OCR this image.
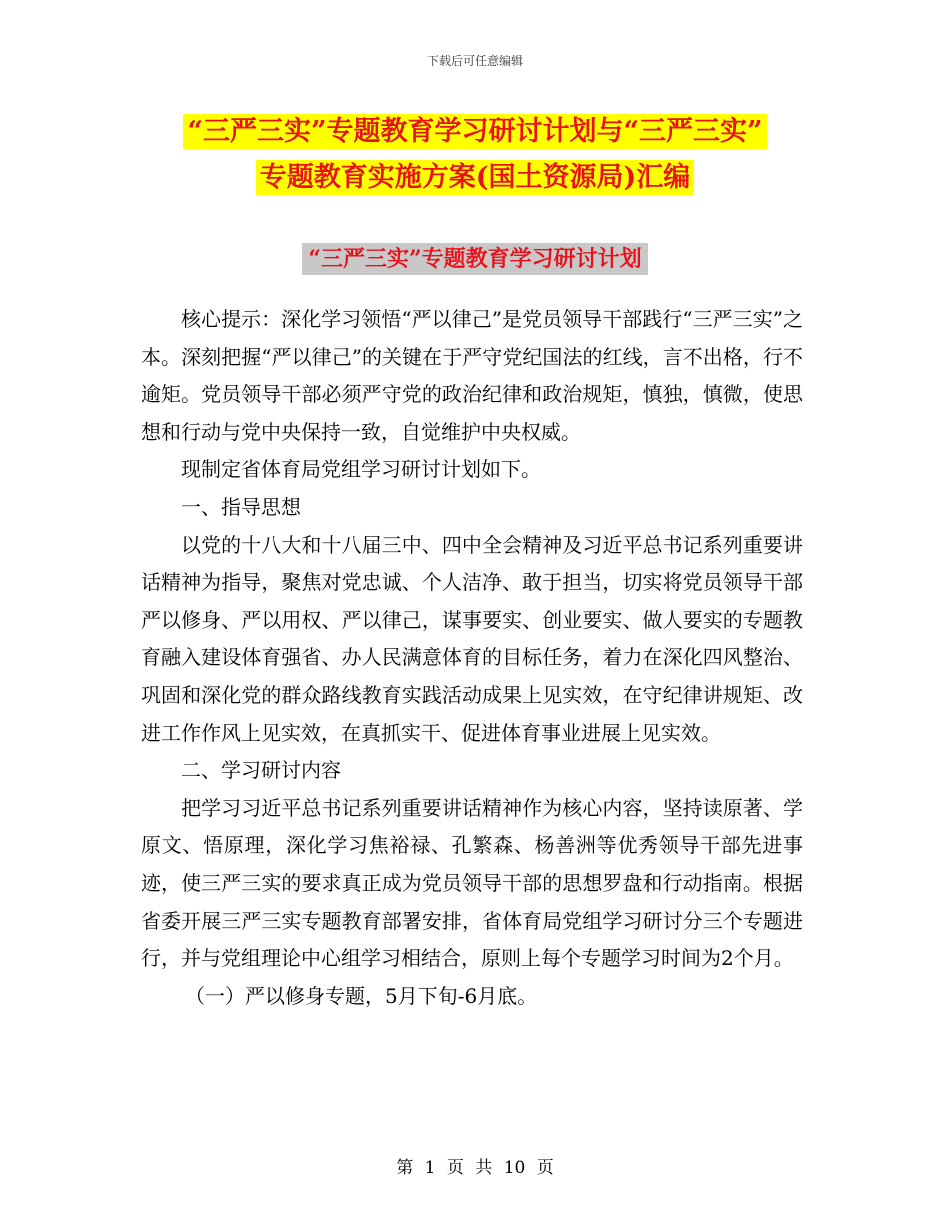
下载后可任意编辑
“三严三实”专题教育学习研讨计划与“三严三实”
专题教育实施方案(国土资源局)汇编
“三严三实”专题教育学习研讨计划

核心提示：深化学习领悟“严以律己”是党员领导干部践行“三严三实”之本。深刻把握“严以律己”的关键在于严守党纪国法的红线，言不出格，行不逾矩。党员领导干部必须严守党的政治纪律和政治规矩，慎独，慎微，使思想和行动与党中央保持一致，自觉维护中央权威。

现制定省体育局党组学习研讨计划如下。

一、指导思想

以党的十八大和十八届三中、四中全会精神及习近平总书记系列重要讲话精神为指导，聚焦对党忠诚、个人洁净、敢于担当，切实将党员领导干部严以修身、严以用权、严以律己，谋事要实、创业要实、做人要实的专题教育融入建设体育强省、办人民满意体育的目标任务，着力在深化四风整治、巩固和深化党的群众路线教育实践活动成果上见实效，在守纪律讲规矩、改进工作作风上见实效，在真抓实干、促进体育事业进展上见实效。

二、学习研讨内容

把学习习近平总书记系列重要讲话精神作为核心内容，坚持读原著、学原文、悟原理，深化学习焦裕禄、孔繁森、杨善洲等优秀领导干部先进事迹，使三严三实的要求真正成为党员领导干部的思想罗盘和行动指南。根据省委开展三严三实专题教育部署安排，省体育局党组学习研讨分三个专题进行，并与党组理论中心组学习相结合，原则上每个专题学习时间为2个月。

（一）严以修身专题，5月下旬-6月底。

第 1 页 共 10 页
